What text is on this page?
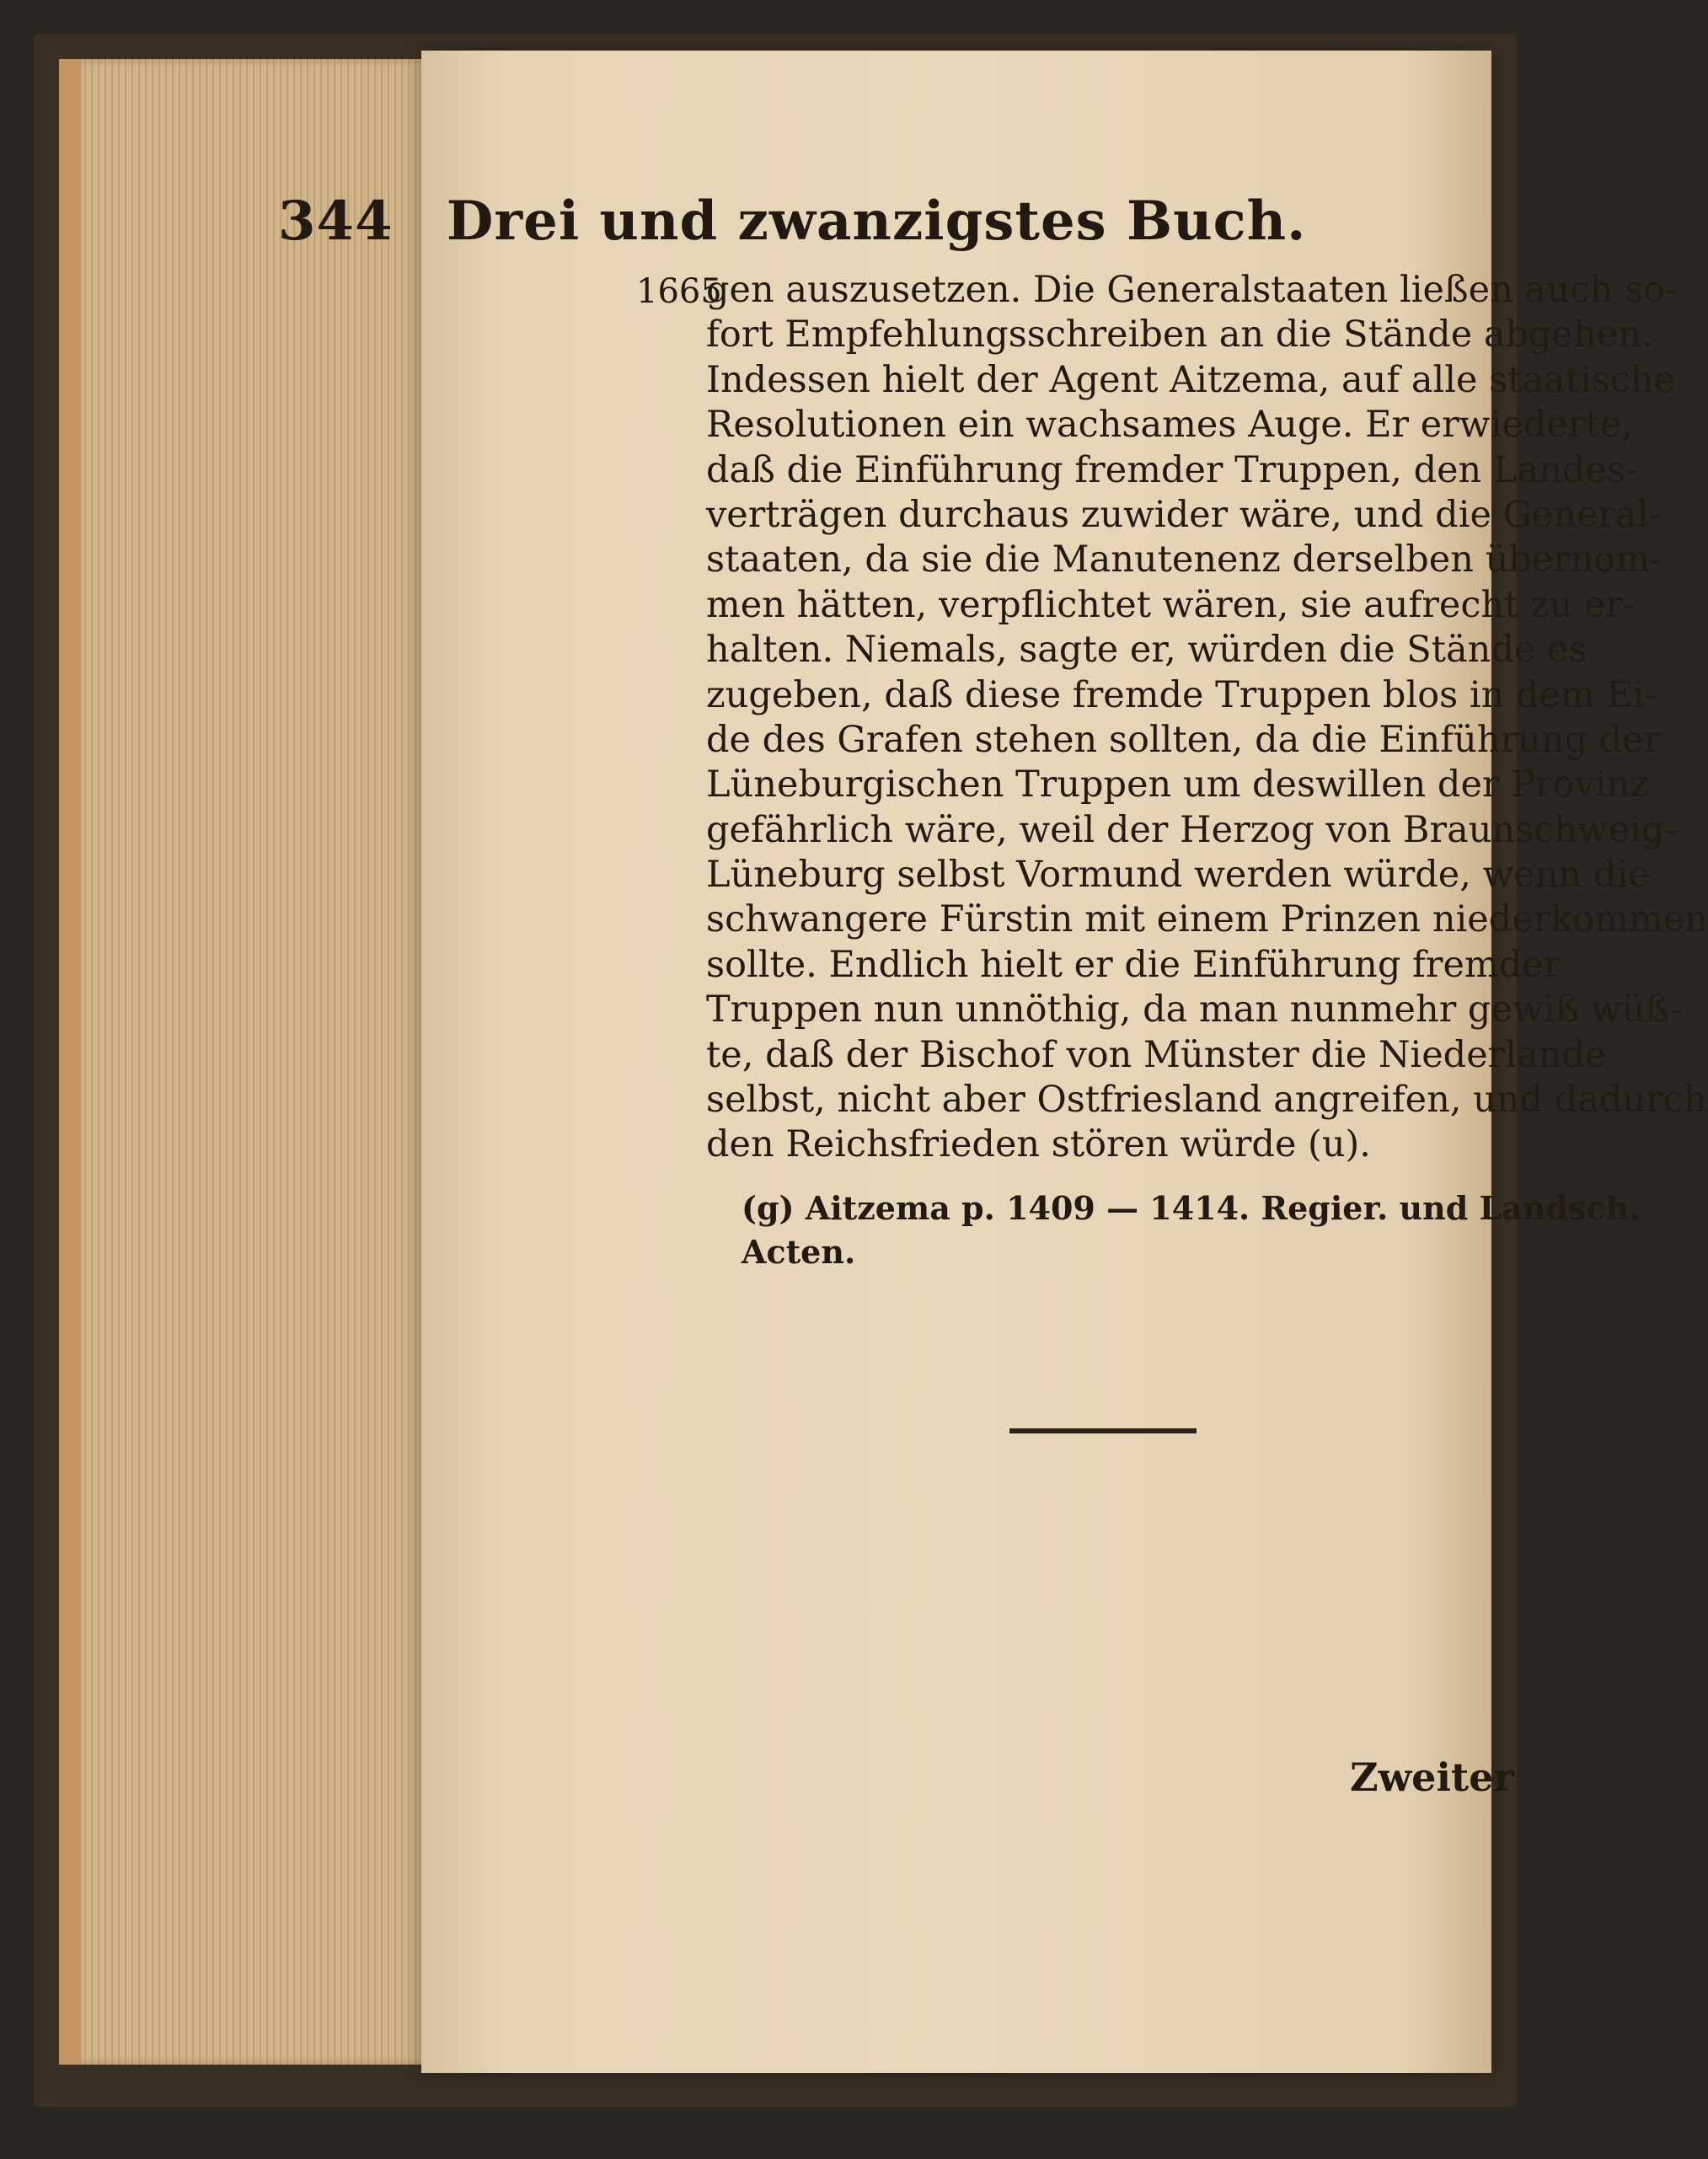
344 Drei und zwanzigstes Buch.
1665
gen auszusetzen. Die Generalstaaten ließen auch so-
fort Empfehlungsschreiben an die Stände abgehen.
Indessen hielt der Agent Aitzema, auf alle staatische
Resolutionen ein wachsames Auge. Er erwiederte,
daß die Einführung fremder Truppen, den Landes-
verträgen durchaus zuwider wäre, und die General-
staaten, da sie die Manutenenz derselben übernom-
men hätten, verpflichtet wären, sie aufrecht zu er-
halten. Niemals, sagte er, würden die Stände es
zugeben, daß diese fremde Truppen blos in dem Ei-
de des Grafen stehen sollten, da die Einführung der
Lüneburgischen Truppen um deswillen der Provinz
gefährlich wäre, weil der Herzog von Braunschweig-
Lüneburg selbst Vormund werden würde, wenn die
schwangere Fürstin mit einem Prinzen niederkommen
sollte. Endlich hielt er die Einführung fremder
Truppen nun unnöthig, da man nunmehr gewiß wüß-
te, daß der Bischof von Münster die Niederlande
selbst, nicht aber Ostfriesland angreifen, und dadurch
den Reichsfrieden stören würde (u).
(g) Aitzema p. 1409 — 1414. Regier. und Landsch.
Acten.
Zweiter
